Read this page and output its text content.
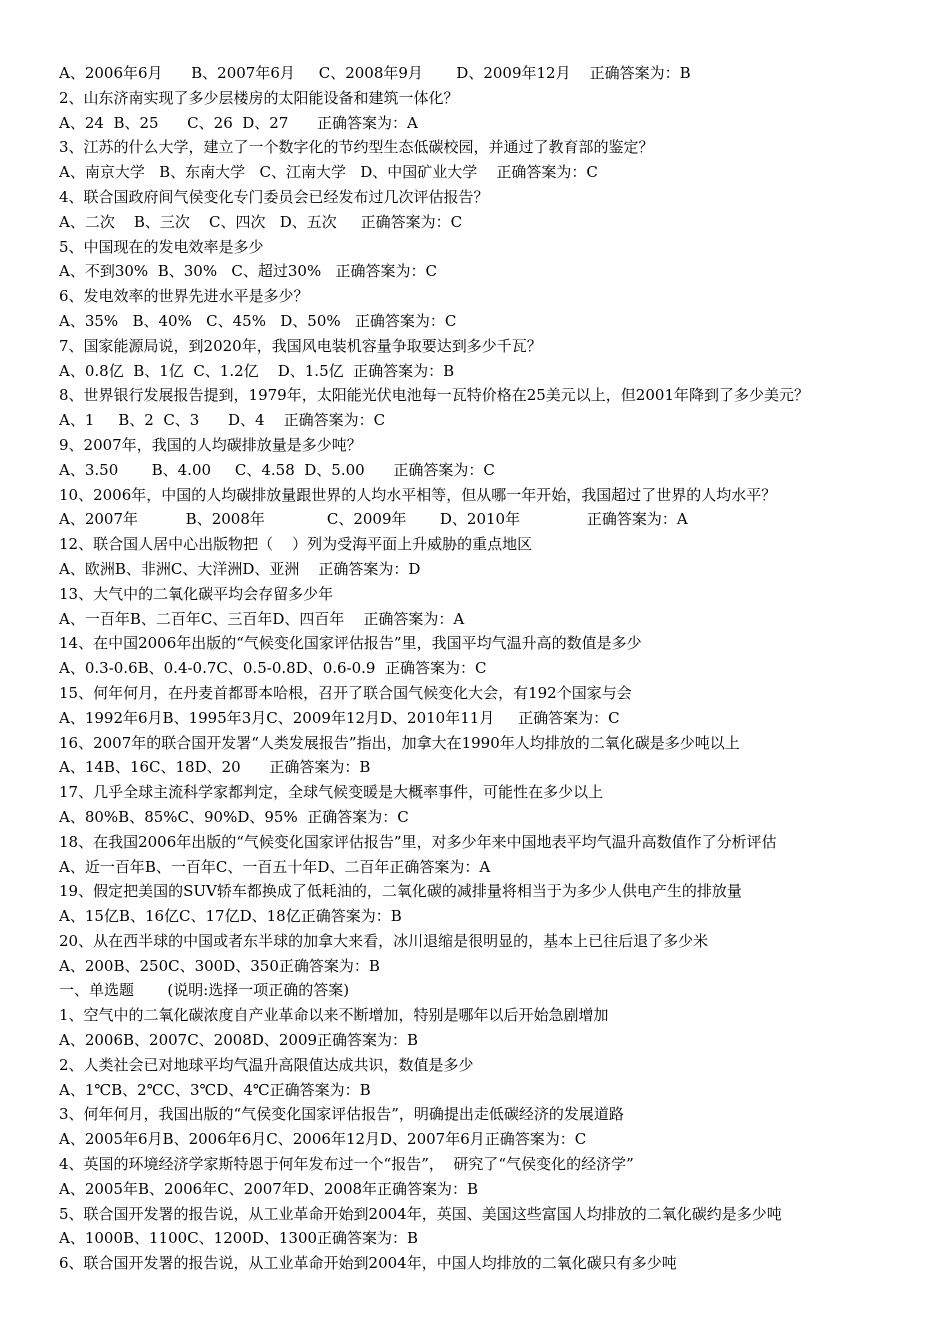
A、2006年6月      B、2007年6月     C、2008年9月       D、2009年12月    正确答案为：B
2、山东济南实现了多少层楼房的太阳能设备和建筑一体化？
A、24  B、25      C、26  D、27      正确答案为：A
3、江苏的什么大学，建立了一个数字化的节约型生态低碳校园，并通过了教育部的鉴定？
A、南京大学   B、东南大学   C、江南大学   D、中国矿业大学    正确答案为：C
4、联合国政府间气侯变化专门委员会已经发布过几次评估报告？
A、二次    B、三次    C、四次   D、五次     正确答案为：C
5、中国现在的发电效率是多少
A、不到30%  B、30%   C、超过30%   正确答案为：C
6、发电效率的世界先进水平是多少？
A、35%   B、40%   C、45%   D、50%   正确答案为：C
7、国家能源局说，到2020年，我国风电装机容量争取要达到多少千瓦？
A、0.8亿  B、1亿  C、1.2亿    D、1.5亿  正确答案为：B
8、世界银行发展报告提到，1979年，太阳能光伏电池每一瓦特价格在25美元以上，但2001年降到了多少美元？
A、1     B、2  C、3      D、4    正确答案为：C
9、2007年，我国的人均碳排放量是多少吨？
A、3.50       B、4.00     C、4.58  D、5.00      正确答案为：C
10、2006年，中国的人均碳排放量跟世界的人均水平相等，但从哪一年开始，我国超过了世界的人均水平？
A、2007年          B、2008年             C、2009年       D、2010年              正确答案为：A
12、联合国人居中心出版物把（    ）列为受海平面上升威胁的重点地区
A、欧洲B、非洲C、大洋洲D、亚洲    正确答案为：D
13、大气中的二氧化碳平均会存留多少年
A、一百年B、二百年C、三百年D、四百年    正确答案为：A
14、在中国2006年出版的“气候变化国家评估报告”里，我国平均气温升高的数值是多少
A、0.3-0.6B、0.4-0.7C、0.5-0.8D、0.6-0.9  正确答案为：C
15、何年何月，在丹麦首都哥本哈根，召开了联合国气候变化大会，有192个国家与会
A、1992年6月B、1995年3月C、2009年12月D、2010年11月     正确答案为：C
16、2007年的联合国开发署“人类发展报告”指出，加拿大在1990年人均排放的二氧化碳是多少吨以上
A、14B、16C、18D、20      正确答案为：B
17、几乎全球主流科学家都判定，全球气候变暖是大概率事件，可能性在多少以上
A、80%B、85%C、90%D、95%  正确答案为：C
18、在我国2006年出版的“气候变化国家评估报告”里，对多少年来中国地表平均气温升高数值作了分析评估
A、近一百年B、一百年C、一百五十年D、二百年正确答案为：A
19、假定把美国的SUV轿车都换成了低耗油的，二氧化碳的减排量将相当于为多少人供电产生的排放量
A、15亿B、16亿C、17亿D、18亿正确答案为：B
20、从在西半球的中国或者东半球的加拿大来看，冰川退缩是很明显的，基本上已往后退了多少米
A、200B、250C、300D、350正确答案为：B
一、单选题       (说明:选择一项正确的答案)
1、空气中的二氧化碳浓度自产业革命以来不断增加，特别是哪年以后开始急剧增加
A、2006B、2007C、2008D、2009正确答案为：B
2、人类社会已对地球平均气温升高限值达成共识，数值是多少
A、1℃B、2℃C、3℃D、4℃正确答案为：B
3、何年何月，我国出版的“气侯变化国家评估报告”，明确提出走低碳经济的发展道路
A、2005年6月B、2006年6月C、2006年12月D、2007年6月正确答案为：C
4、英国的环境经济学家斯特恩于何年发布过一个“报告”，  研究了“气侯变化的经济学”
A、2005年B、2006年C、2007年D、2008年正确答案为：B
5、联合国开发署的报告说，从工业革命开始到2004年，英国、美国这些富国人均排放的二氧化碳约是多少吨
A、1000B、1100C、1200D、1300正确答案为：B
6、联合国开发署的报告说，从工业革命开始到2004年，中国人均排放的二氧化碳只有多少吨
